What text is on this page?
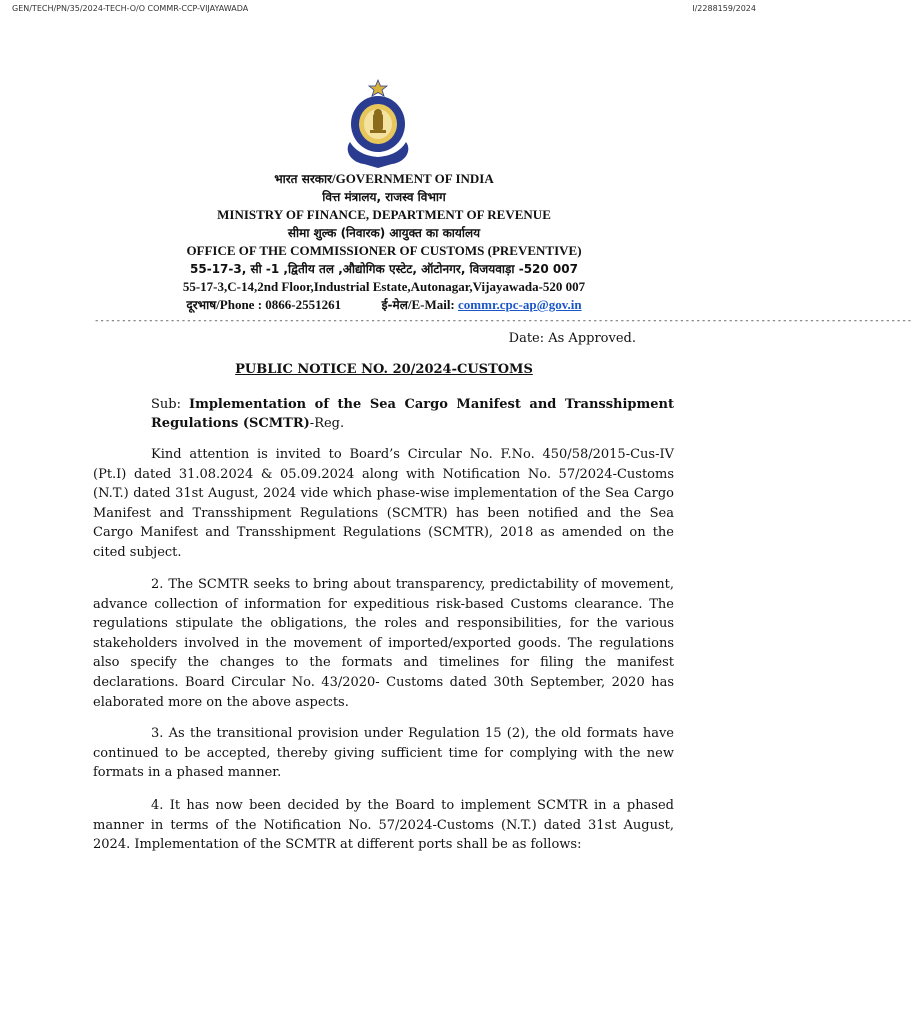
GEN/TECH/PN/35/2024-TECH-O/O COMMR-CCP-VIJAYAWADA	I/2288159/2024
भारत सरकार/GOVERNMENT OF INDIA
वित्त मंत्रालय, राजस्व विभाग
MINISTRY OF FINANCE, DEPARTMENT OF REVENUE
सीमा शुल्क (निवारक) आयुक्त का कार्यालय
OFFICE OF THE COMMISSIONER OF CUSTOMS (PREVENTIVE)
55-17-3, सी -1 ,द्वितीय तल ,औद्योगिक एस्टेट, ऑटोनगर, विजयवाड़ा -520 007
55-17-3,C-14,2nd Floor,Industrial Estate,Autonagar,Vijayawada-520 007
दूरभाष/Phone : 0866-2551261	ई-मेल/E-Mail: commr.cpc-ap@gov.in
-------------------------------------------------------------------------------------------------------------------------------------------------------
Date: As Approved.
PUBLIC NOTICE NO. 20/2024-CUSTOMS
Sub: Implementation of the Sea Cargo Manifest and Transshipment Regulations (SCMTR)-Reg.

Kind attention is invited to Board’s Circular No. F.No. 450/58/2015-Cus-IV (Pt.I) dated 31.08.2024 & 05.09.2024 along with Notification No. 57/2024-Customs (N.T.) dated 31st August, 2024 vide which phase-wise implementation of the Sea Cargo Manifest and Transshipment Regulations (SCMTR) has been notified and the Sea Cargo Manifest and Transshipment Regulations (SCMTR), 2018 as amended on the cited subject.

2. The SCMTR seeks to bring about transparency, predictability of movement, advance collection of information for expeditious risk-based Customs clearance. The regulations stipulate the obligations, the roles and responsibilities, for the various stakeholders involved in the movement of imported/exported goods. The regulations also specify the changes to the formats and timelines for filing the manifest declarations. Board Circular No. 43/2020- Customs dated 30th September, 2020 has elaborated more on the above aspects.

3. As the transitional provision under Regulation 15 (2), the old formats have continued to be accepted, thereby giving sufficient time for complying with the new formats in a phased manner.

4. It has now been decided by the Board to implement SCMTR in a phased manner in terms of the Notification No. 57/2024-Customs (N.T.) dated 31st August, 2024. Implementation of the SCMTR at different ports shall be as follows:
